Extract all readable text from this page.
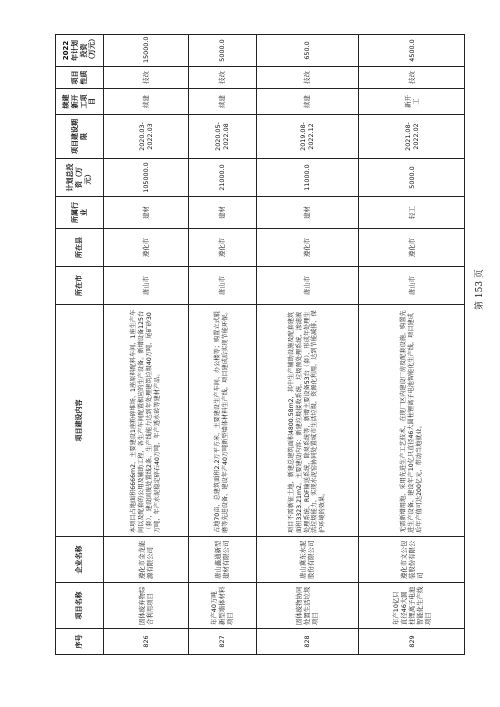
序号	项目名称	企业名称	项目建设内容	所在市	所在县	所属行业	计划总投资（万元）	项目建设期限	续建新开工项目	项目性质	2022年计划投资（万元）
826	固体废弃物综合利用项目	遵化市金龙能源有限公司	本项目占地面积6666m2，主要建设1座粉碎堆场、1座原料配料车间、1座生产车间以及配套的公用及辅助工程，各生产车间配置相应的生产设备。新增设备125台（套），建设固废处置线2条，生产线能力达到年处理建筑垃圾40万吨、尾矿砂30万吨，年产水泥稳定碎石40万吨，年产透水砖等建材产品。	唐山市	遵化市	建材	105000.0	2020.03-2022.03	续建	技改	15000.0
827	年产40万吨新型墙体材料项目	唐山鑫通新型建材有限公司	占地70亩，总建筑面积2.2万平方米，主要建设生产车间、办公楼等；购置立式辊磨等先进设备，建设年产40万吨新型墙体材料生产线，项目建成后实现节能环保。	唐山市	遵化市	建材	21000.0	2020.05-2022.08	续建	技改	5000.0
828	固体废物协同处置生活垃圾项目	唐山冀东水泥股份有限公司	项目不需新征土地，新建总建筑面积4800.58m2，其中生产辅助设施及配套建筑面积3323.21m2。主要建设内容：新建垃圾接收系统、垃圾预处理系统、渗滤液处理系统、RDF输送系统、除臭系统等，新增主要设备53台（套），形成年处理生活垃圾能力，实现水泥窑协同处置城市生活垃圾，资源化利用，达到节能减排、保护环境的效果。	唐山市	遵化市	建材	11000.0	2019.08-2022.12	续建	技改	650.0
829	年产10亿只直径46大圆柱锂离子电池智能化生产线项目	遵化市文公包装股份有限公司	无需新增用地，采用先进生产工艺技术，在现厂区内建设厂房及配套设施，购置先进生产设备，建设年产10亿只直径46大圆柱锂离子电池智能化生产线，项目建成后年产值可达200亿元，带动当地就业。	唐山市	遵化市	轻工	5000.0	2021.08-2022.02	新开工	技改	4500.0
第 153 页
